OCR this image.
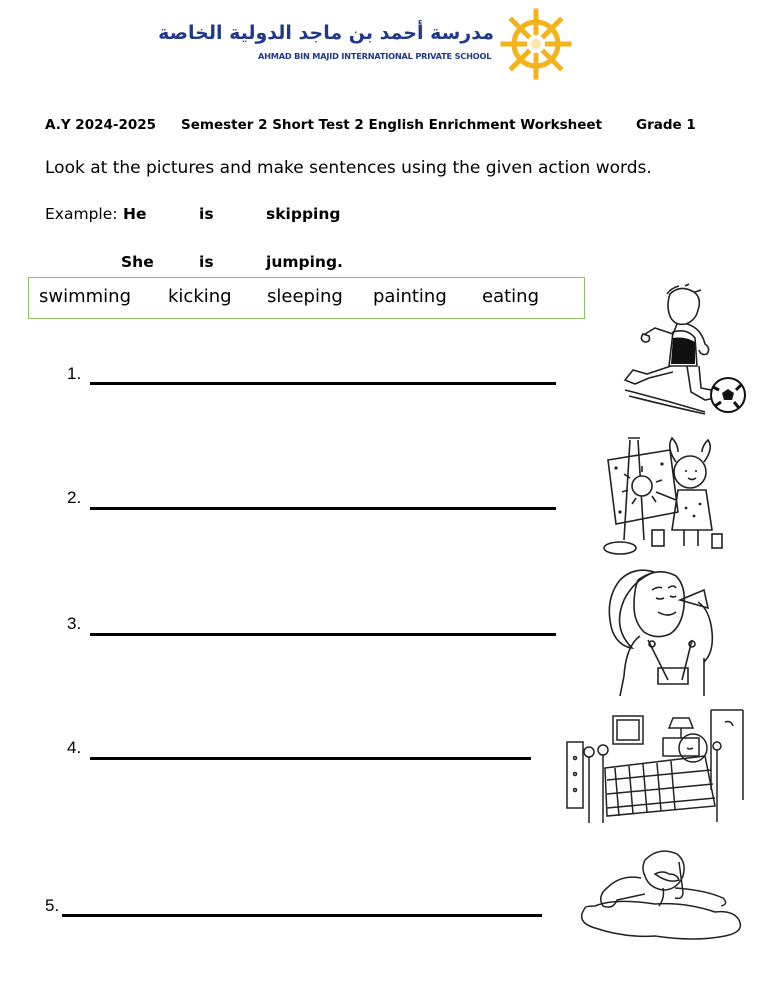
مدرسة أحمد بن ماجد الدولية الخاصة
AHMAD BIN MAJID INTERNATIONAL PRIVATE SCHOOL
A.Y 2024-2025 Semester 2 Short Test 2 English Enrichment Worksheet	Grade 1
Look at the pictures and make sentences using the given action words.
Example: He	is	skipping
She	is	jumping.
swimming kicking sleeping painting eating
1.
2.
3.
4.
5.
